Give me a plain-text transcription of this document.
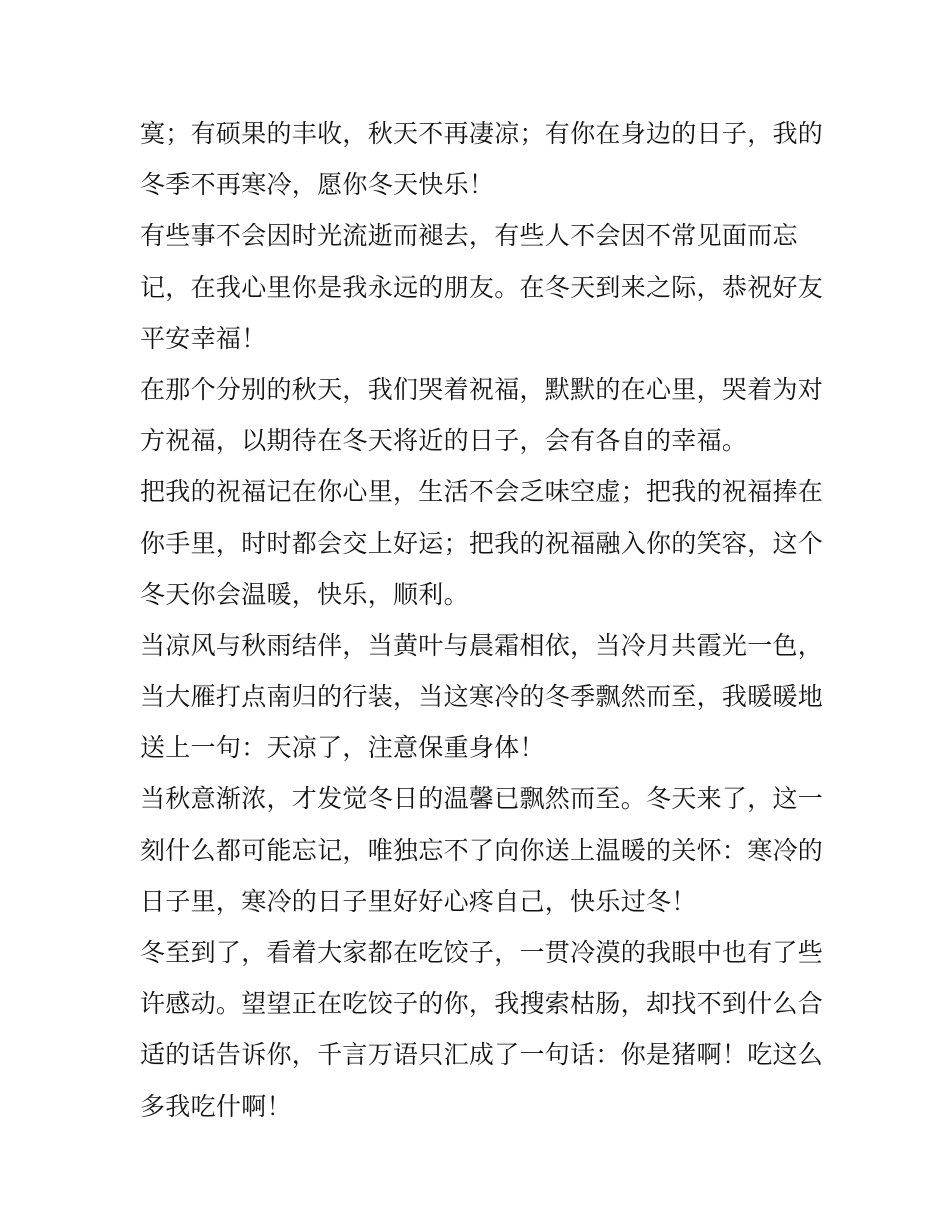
寞；有硕果的丰收，秋天不再凄凉；有你在身边的日子，我的
冬季不再寒冷，愿你冬天快乐！
有些事不会因时光流逝而褪去，有些人不会因不常见面而忘
记，在我心里你是我永远的朋友。在冬天到来之际，恭祝好友
平安幸福！
在那个分别的秋天，我们哭着祝福，默默的在心里，哭着为对
方祝福，以期待在冬天将近的日子，会有各自的幸福。
把我的祝福记在你心里，生活不会乏味空虚；把我的祝福捧在
你手里，时时都会交上好运；把我的祝福融入你的笑容，这个
冬天你会温暖，快乐，顺利。
当凉风与秋雨结伴，当黄叶与晨霜相依，当冷月共霞光一色，
当大雁打点南归的行装，当这寒冷的冬季飘然而至，我暖暖地
送上一句：天凉了，注意保重身体！
当秋意渐浓，才发觉冬日的温馨已飘然而至。冬天来了，这一
刻什么都可能忘记，唯独忘不了向你送上温暖的关怀：寒冷的
日子里，寒冷的日子里好好心疼自己，快乐过冬！
冬至到了，看着大家都在吃饺子，一贯冷漠的我眼中也有了些
许感动。望望正在吃饺子的你，我搜索枯肠，却找不到什么合
适的话告诉你，千言万语只汇成了一句话：你是猪啊！吃这么
多我吃什啊！
